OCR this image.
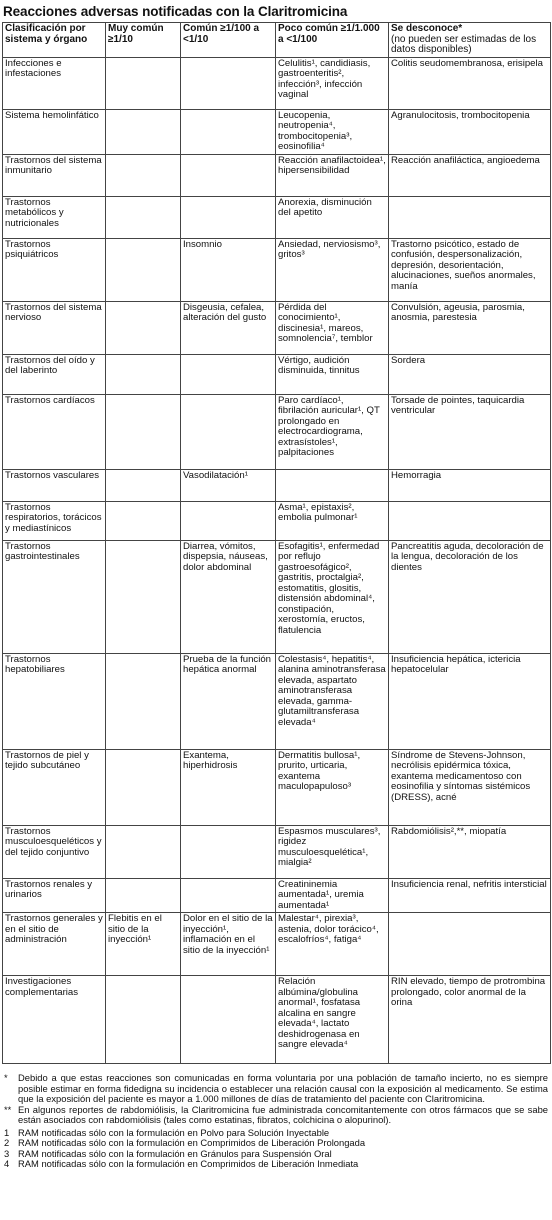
Reacciones adversas notificadas con la Claritromicina
Clasificación por sistema y órgano	Muy común ≥1/10	Común ≥1/100 a <1/10	Poco común ≥1/1.000 a <1/100	Se desconoce*
(no pueden ser estimadas de los datos disponibles)
Infecciones e infestaciones			Celulitis¹, candidiasis, gastroenteritis², infección³, infección vaginal	Colitis seudomembranosa, erisipela
Sistema hemolinfático			Leucopenia, neutropenia⁴, trombocitopenia³, eosinofilia⁴	Agranulocitosis, trombocitopenia
Trastornos del sistema inmunitario			Reacción anafilactoidea¹, hipersensibilidad	Reacción anafiláctica, angioedema
Trastornos metabólicos y nutricionales			Anorexia, disminución del apetito	
Trastornos psiquiátricos		Insomnio	Ansiedad, nerviosismo³, gritos³	Trastorno psicótico, estado de confusión, despersonalización, depresión, desorientación, alucinaciones, sueños anormales, manía
Trastornos del sistema nervioso		Disgeusia, cefalea, alteración del gusto	Pérdida del conocimiento¹, discinesia¹, mareos, somnolencia⁷, temblor	Convulsión, ageusia, parosmia, anosmia, parestesia
Trastornos del oído y del laberinto			Vértigo, audición disminuida, tinnitus	Sordera
Trastornos cardíacos			Paro cardíaco¹, fibrilación auricular¹, QT prolongado en electrocardiograma, extrasístoles¹, palpitaciones	Torsade de pointes, taquicardia ventricular
Trastornos vasculares		Vasodilatación¹		Hemorragia
Trastornos respiratorios, torácicos y mediastínicos			Asma¹, epistaxis², embolia pulmonar¹	
Trastornos gastrointestinales		Diarrea, vómitos, dispepsia, náuseas, dolor abdominal	Esofagitis¹, enfermedad por reflujo gastroesofágico², gastritis, proctalgia², estomatitis, glositis, distensión abdominal⁴, constipación, xerostomía, eructos, flatulencia	Pancreatitis aguda, decoloración de la lengua, decoloración de los dientes
Trastornos hepatobiliares		Prueba de la función hepática anormal	Colestasis⁴, hepatitis⁴, alanina aminotransferasa elevada, aspartato aminotransferasa elevada, gamma-glutamiltransferasa elevada⁴	Insuficiencia hepática, ictericia hepatocelular
Trastornos de piel y tejido subcutáneo		Exantema, hiperhidrosis	Dermatitis bullosa¹, prurito, urticaria, exantema maculopapuloso³	Síndrome de Stevens-Johnson, necrólisis epidérmica tóxica, exantema medicamentoso con eosinofilia y síntomas sistémicos (DRESS), acné
Trastornos musculoesqueléticos y del tejido conjuntivo			Espasmos musculares³, rigidez musculoesquelética¹, mialgia²	Rabdomiólisis²,**, miopatía
Trastornos renales y urinarios			Creatininemia aumentada¹, uremia aumentada¹	Insuficiencia renal, nefritis intersticial
Trastornos generales y en el sitio de administración	Flebitis en el sitio de la inyección¹	Dolor en el sitio de la inyección¹, inflamación en el sitio de la inyección¹	Malestar⁴, pirexia³, astenia, dolor torácico⁴, escalofríos⁴, fatiga⁴	
Investigaciones complementarias			Relación albúmina/globulina anormal¹, fosfatasa alcalina en sangre elevada⁴, lactato deshidrogenasa en sangre elevada⁴	RIN elevado, tiempo de protrombina prolongado, color anormal de la orina
*	Debido a que estas reacciones son comunicadas en forma voluntaria por una población de tamaño incierto, no es siempre posible estimar en forma fidedigna su incidencia o establecer una relación causal con la exposición al medicamento. Se estima que la exposición del paciente es mayor a 1.000 millones de días de tratamiento del paciente con Claritromicina.
** En algunos reportes de rabdomiólisis, la Claritromicina fue administrada concomitantemente con otros fármacos que se sabe están asociados con rabdomiólisis (tales como estatinas, fibratos, colchicina o alopurinol).
1 RAM notificadas sólo con la formulación en Polvo para Solución Inyectable
2 RAM notificadas sólo con la formulación en Comprimidos de Liberación Prolongada
3 RAM notificadas sólo con la formulación en Gránulos para Suspensión Oral
4 RAM notificadas sólo con la formulación en Comprimidos de Liberación Inmediata
